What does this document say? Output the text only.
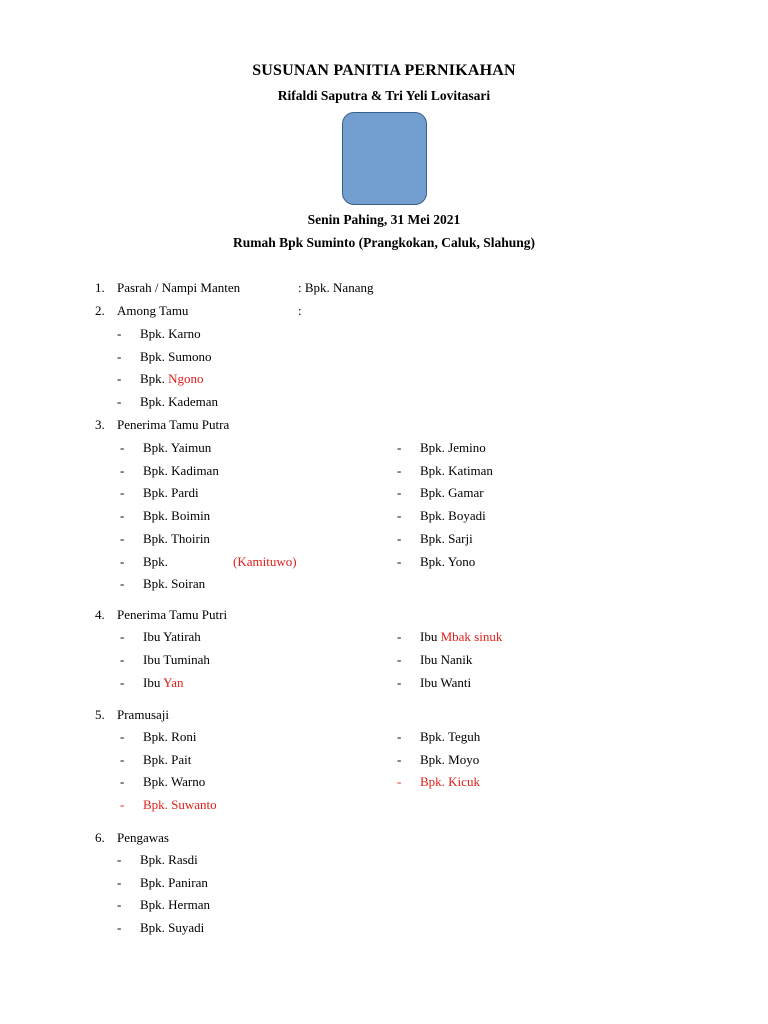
SUSUNAN PANITIA PERNIKAHAN
Rifaldi Saputra & Tri Yeli Lovitasari
Senin Pahing, 31 Mei 2021
Rumah Bpk Suminto (Prangkokan, Caluk, Slahung)
1. Pasrah / Nampi Manten	: Bpk. Nanang
2. Among Tamu	:
- Bpk. Karno
- Bpk. Sumono
- Bpk. Ngono
- Bpk. Kademan
3. Penerima Tamu Putra
- Bpk. Yaimun
- Bpk. Kadiman
- Bpk. Pardi
- Bpk. Boimin
- Bpk. Thoirin
- Bpk.	(Kamituwo)
- Bpk. Soiran
- Bpk. Jemino
- Bpk. Katiman
- Bpk. Gamar
- Bpk. Boyadi
- Bpk. Sarji
- Bpk. Yono
4. Penerima Tamu Putri
- Ibu Yatirah
- Ibu Tuminah
- Ibu Yan
- Ibu Mbak sinuk
- Ibu Nanik
- Ibu Wanti
5. Pramusaji
- Bpk. Roni
- Bpk. Pait
- Bpk. Warno
- Bpk. Suwanto
- Bpk. Teguh
- Bpk. Moyo
- Bpk. Kicuk
6. Pengawas
- Bpk. Rasdi
- Bpk. Paniran
- Bpk. Herman
- Bpk. Suyadi
